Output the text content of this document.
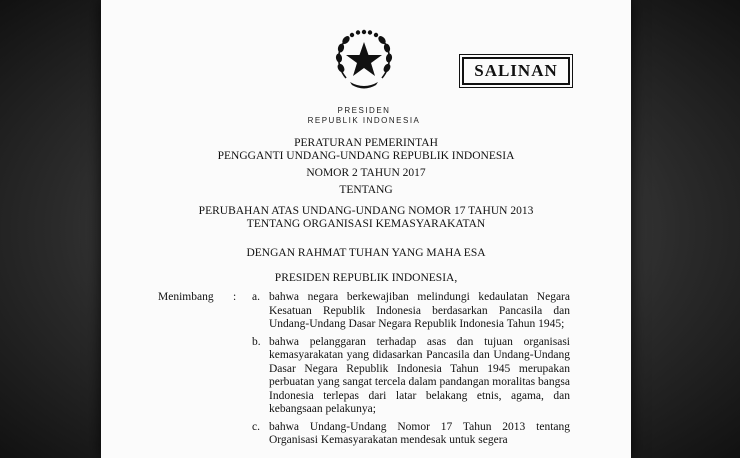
SALINAN
PRESIDEN
REPUBLIK INDONESIA
PERATURAN PEMERINTAH
PENGGANTI UNDANG-UNDANG REPUBLIK INDONESIA
NOMOR 2 TAHUN 2017
TENTANG
PERUBAHAN ATAS UNDANG-UNDANG NOMOR 17 TAHUN 2013
TENTANG ORGANISASI KEMASYARAKATAN
DENGAN RAHMAT TUHAN YANG MAHA ESA
PRESIDEN REPUBLIK INDONESIA,
Menimbang : a. bahwa negara berkewajiban melindungi kedaulatan Negara Kesatuan Republik Indonesia berdasarkan Pancasila dan Undang-Undang Dasar Negara Republik Indonesia Tahun 1945;
b. bahwa pelanggaran terhadap asas dan tujuan organisasi kemasyarakatan yang didasarkan Pancasila dan Undang-Undang Dasar Negara Republik Indonesia Tahun 1945 merupakan perbuatan yang sangat tercela dalam pandangan moralitas bangsa Indonesia terlepas dari latar belakang etnis, agama, dan kebangsaan pelakunya;
c. bahwa Undang-Undang Nomor 17 Tahun 2013 tentang Organisasi Kemasyarakatan mendesak untuk segera
